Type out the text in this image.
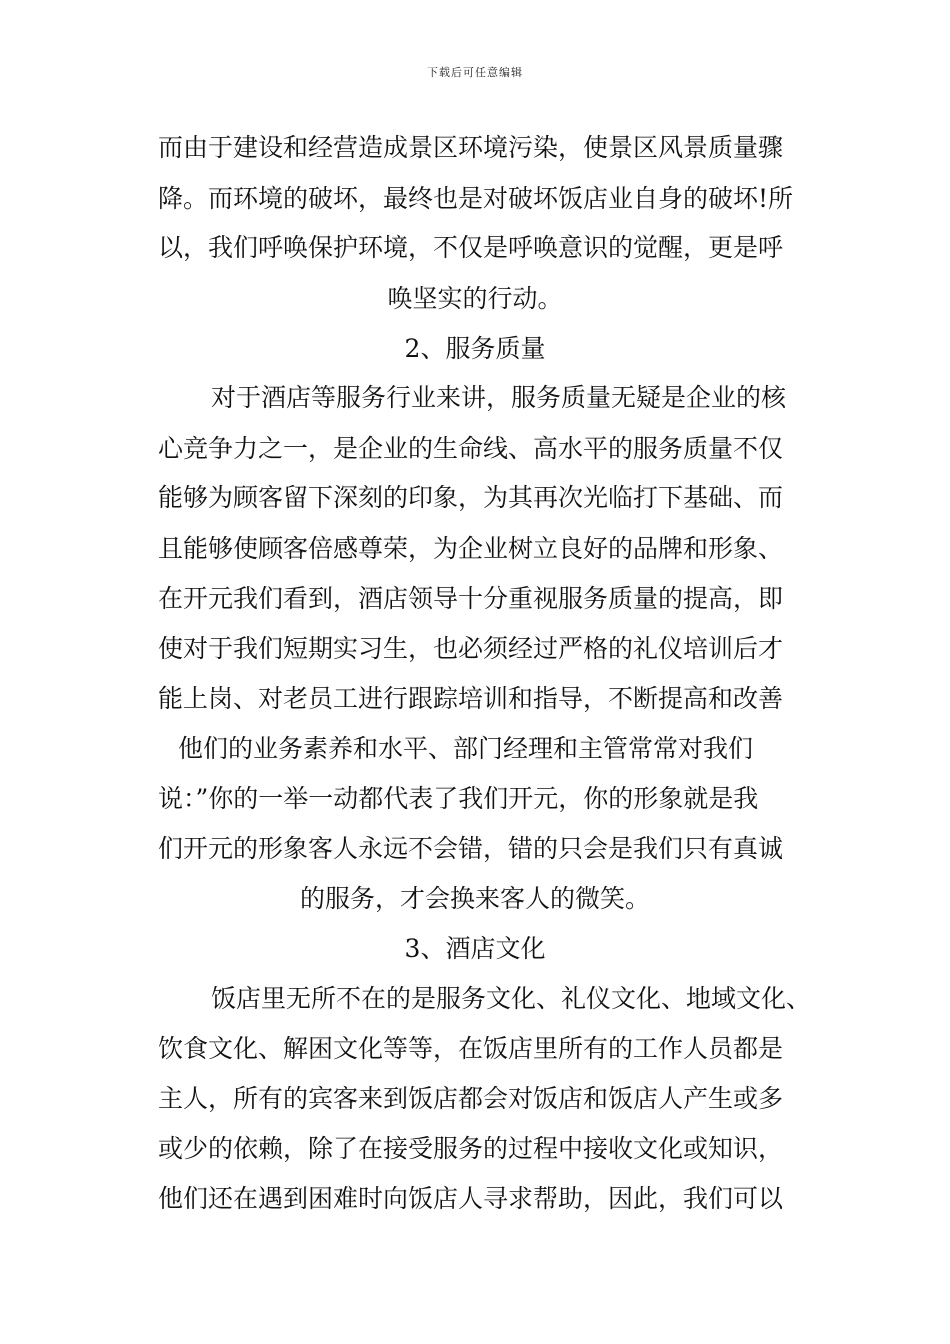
下载后可任意编辑
而由于建设和经营造成景区环境污染，使景区风景质量骤
降。而环境的破坏，最终也是对破坏饭店业自身的破坏!所
以，我们呼唤保护环境，不仅是呼唤意识的觉醒，更是呼
唤坚实的行动。
2、服务质量
对于酒店等服务行业来讲，服务质量无疑是企业的核
心竞争力之一，是企业的生命线、高水平的服务质量不仅
能够为顾客留下深刻的印象，为其再次光临打下基础、而
且能够使顾客倍感尊荣，为企业树立良好的品牌和形象、
在开元我们看到，酒店领导十分重视服务质量的提高，即
使对于我们短期实习生，也必须经过严格的礼仪培训后才
能上岗、对老员工进行跟踪培训和指导，不断提高和改善
他们的业务素养和水平、部门经理和主管常常对我们
说：”你的一举一动都代表了我们开元，你的形象就是我
们开元的形象客人永远不会错，错的只会是我们只有真诚
的服务，才会换来客人的微笑。
3、酒店文化
饭店里无所不在的是服务文化、礼仪文化、地域文化、
饮食文化、解困文化等等，在饭店里所有的工作人员都是
主人，所有的宾客来到饭店都会对饭店和饭店人产生或多
或少的依赖，除了在接受服务的过程中接收文化或知识，
他们还在遇到困难时向饭店人寻求帮助，因此，我们可以
